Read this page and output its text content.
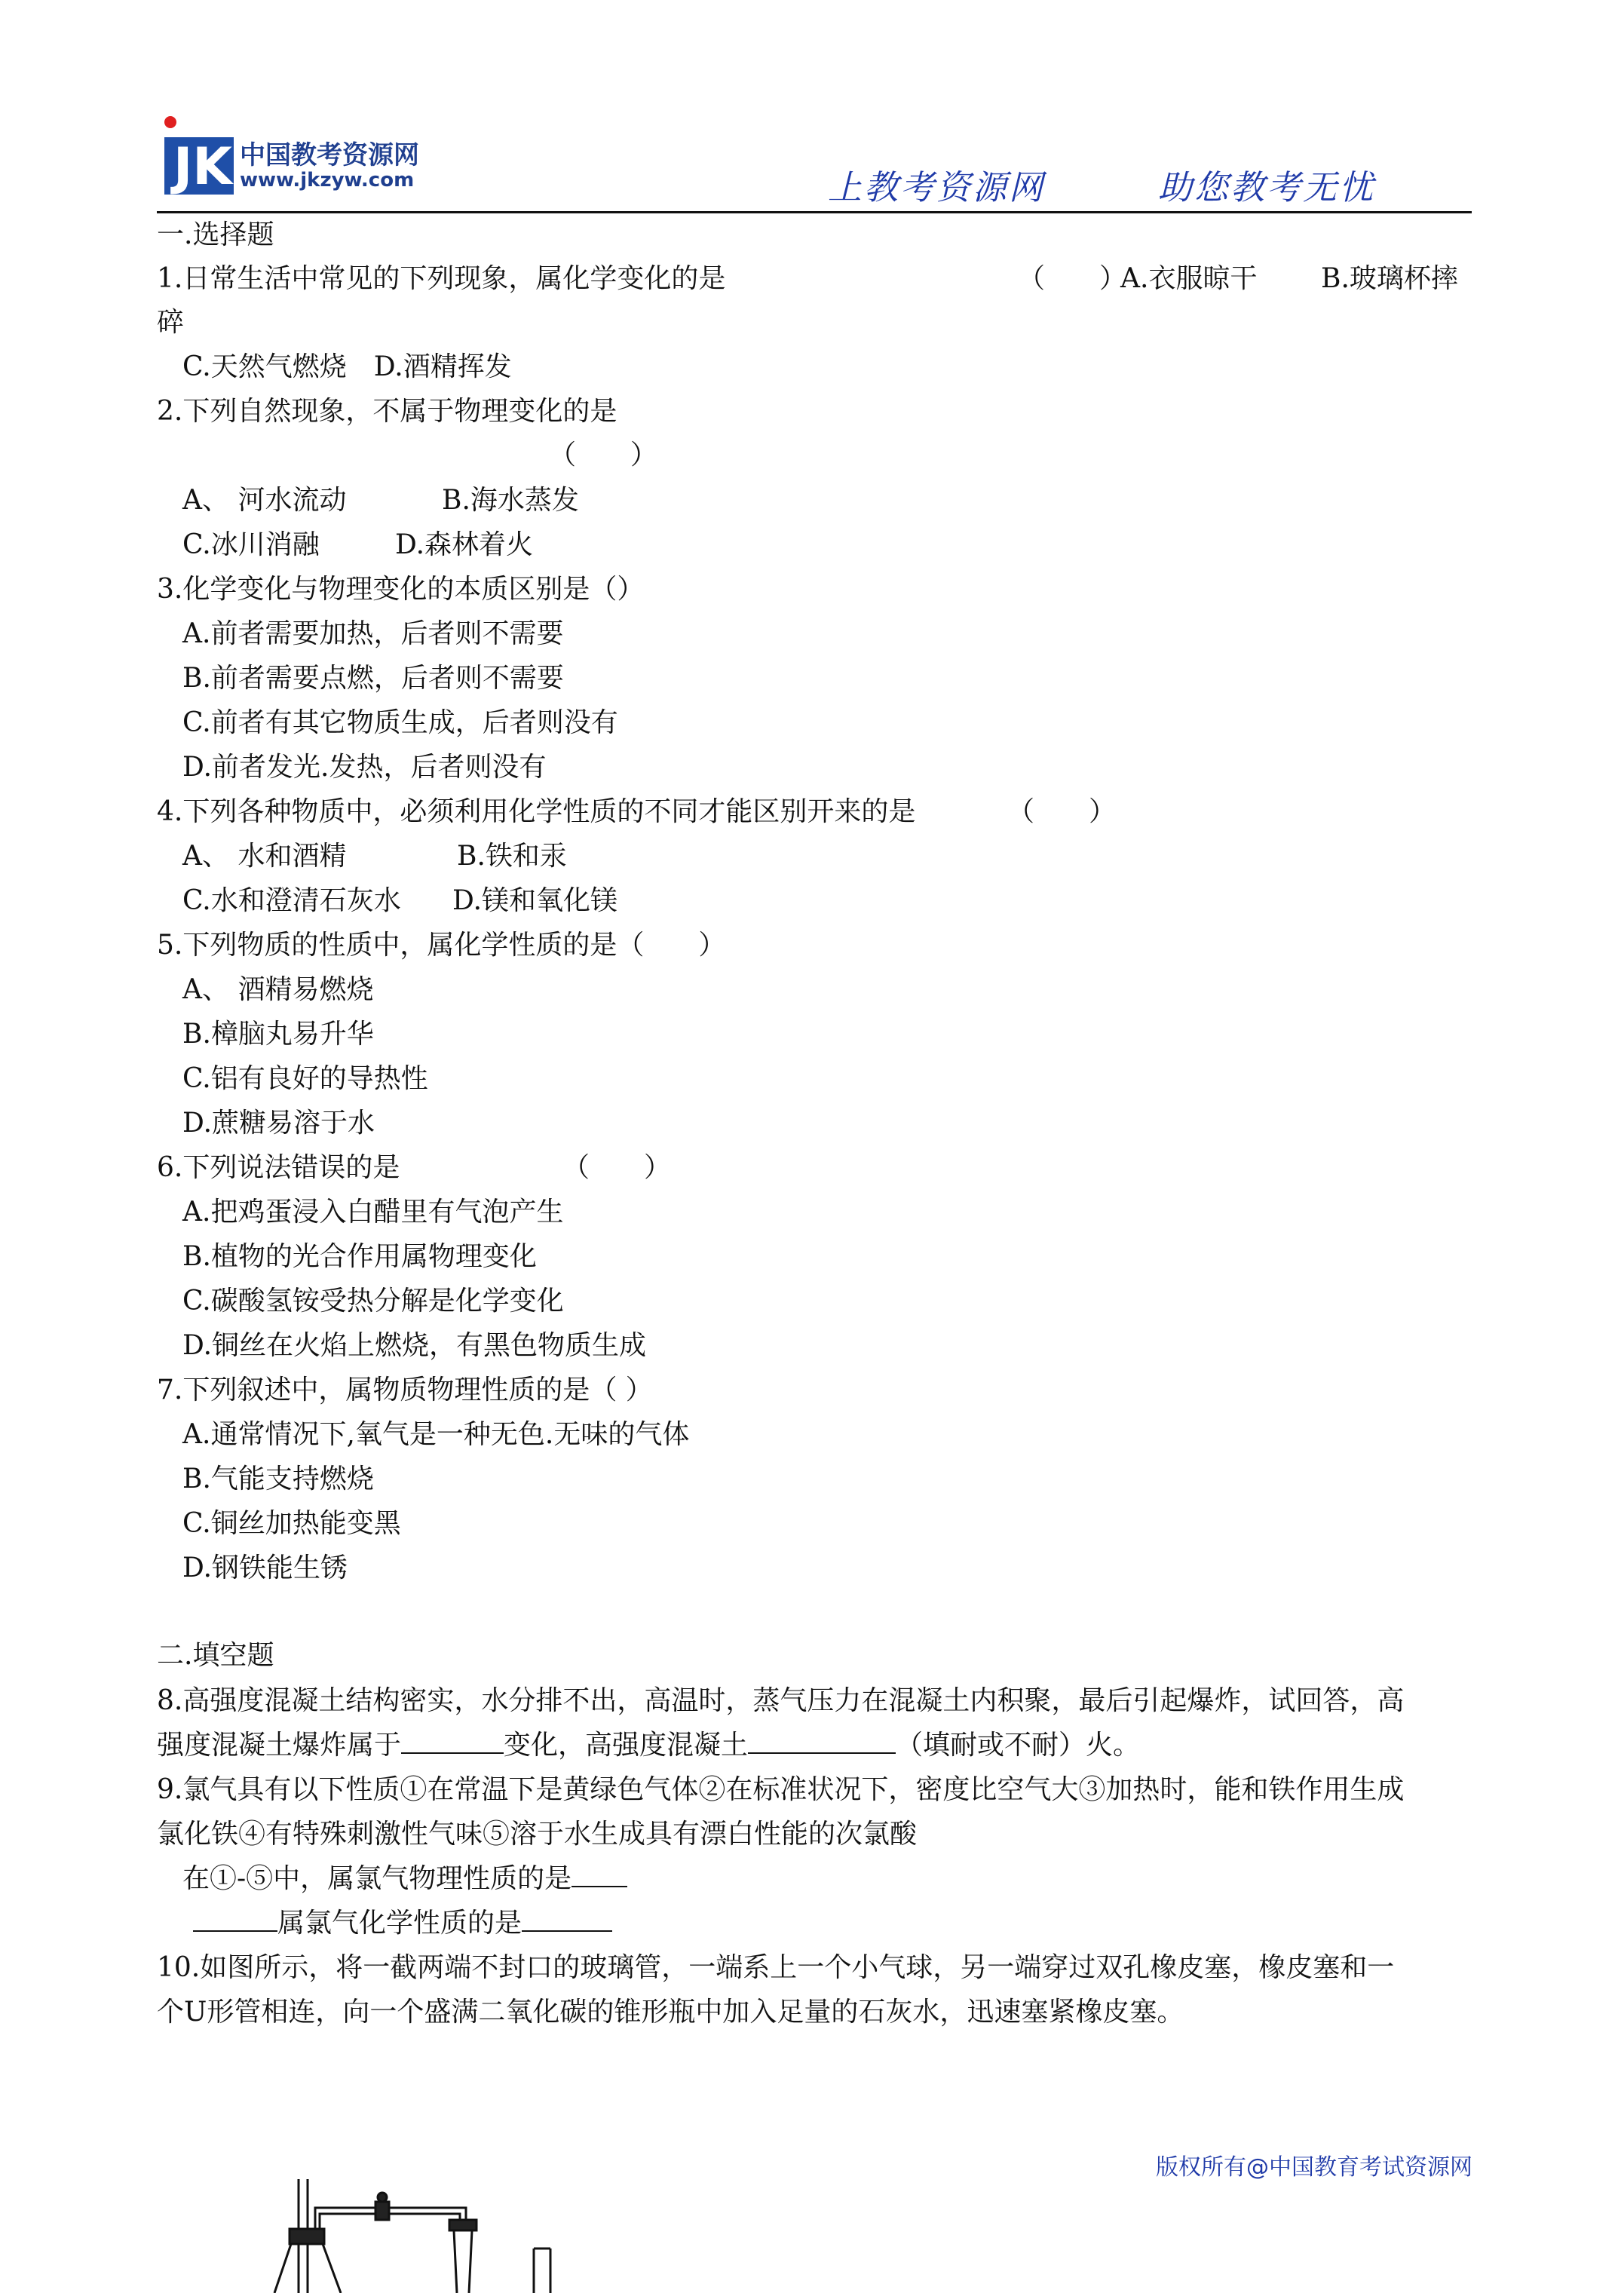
JK 中国教考资源网
www.jkzyw.com	上教考资源网	助您教考无忧
一.选择题
1.日常生活中常见的下列现象，属化学变化的是	（　　）
A.衣服晾干 B.玻璃杯摔
碎
C.天然气燃烧　D.酒精挥发
2.下列自然现象，不属于物理变化的是
（　　）
A、 河水流动	B.海水蒸发
C.冰川消融	D.森林着火
3.化学变化与物理变化的本质区别是（）
A.前者需要加热，后者则不需要
B.前者需要点燃，后者则不需要
C.前者有其它物质生成，后者则没有
D.前者发光.发热，后者则没有
4.下列各种物质中，必须利用化学性质的不同才能区别开来的是	（　　）
A、 水和酒精	B.铁和汞
C.水和澄清石灰水 D.镁和氧化镁
5.下列物质的性质中，属化学性质的是（　　）
A、 酒精易燃烧
B.樟脑丸易升华
C.铝有良好的导热性
D.蔗糖易溶于水
6.下列说法错误的是	（　　）
A.把鸡蛋浸入白醋里有气泡产生
B.植物的光合作用属物理变化
C.碳酸氢铵受热分解是化学变化
D.铜丝在火焰上燃烧，有黑色物质生成
7.下列叙述中，属物质物理性质的是（ ）
A.通常情况下,氧气是一种无色.无味的气体
B.气能支持燃烧
C.铜丝加热能变黑
D.钢铁能生锈
二.填空题
8.高强度混凝土结构密实，水分排不出，高温时，蒸气压力在混凝土内积聚，最后引起爆炸，试回答，高
强度混凝土爆炸属于	变化，高强度混凝土	（填耐或不耐）火。
9.氯气具有以下性质①在常温下是黄绿色气体②在标准状况下，密度比空气大③加热时，能和铁作用生成
氯化铁④有特殊刺激性气味⑤溶于水生成具有漂白性能的次氯酸
在①-⑤中，属氯气物理性质的是
属氯气化学性质的是
10.如图所示，将一截两端不封口的玻璃管，一端系上一个小气球，另一端穿过双孔橡皮塞，橡皮塞和一
个U形管相连，向一个盛满二氧化碳的锥形瓶中加入足量的石灰水，迅速塞紧橡皮塞。
版权所有@中国教育考试资源网
